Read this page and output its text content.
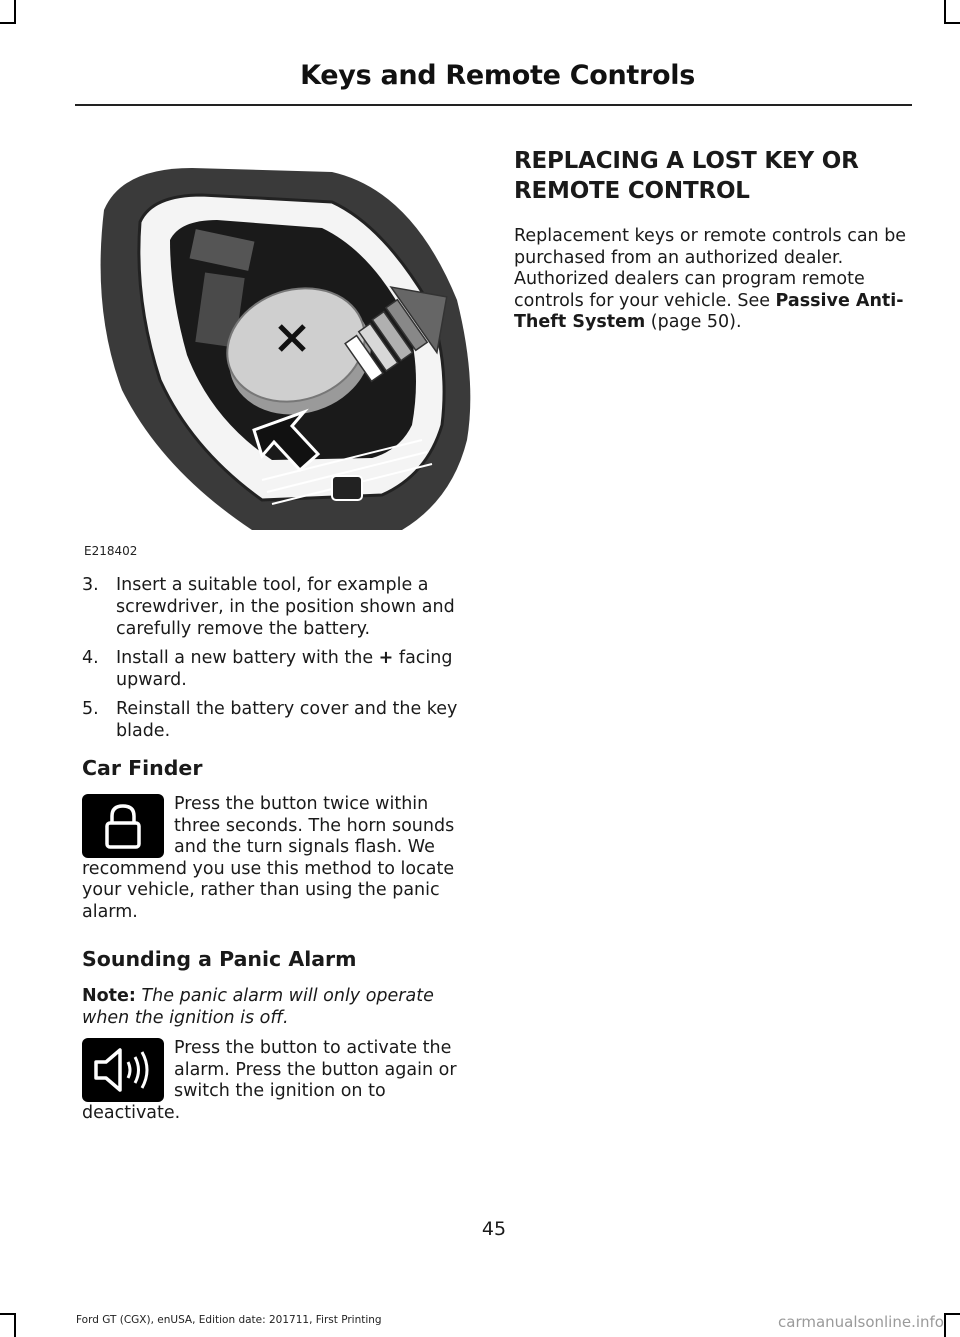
Keys and Remote Controls
E218402
3. Insert a suitable tool, for example a screwdriver, in the position shown and carefully remove the battery.
4. Install a new battery with the + facing upward.
5. Reinstall the battery cover and the key blade.
Car Finder

Press the button twice within three seconds. The horn sounds and the turn signals flash. We recommend you use this method to locate your vehicle, rather than using the panic alarm.

Sounding a Panic Alarm

Note: The panic alarm will only operate when the ignition is off.

Press the button to activate the alarm. Press the button again or switch the ignition on to deactivate.

REPLACING A LOST KEY OR REMOTE CONTROL

Replacement keys or remote controls can be purchased from an authorized dealer. Authorized dealers can program remote controls for your vehicle. See Passive Anti-Theft System (page 50).

45
Ford GT (CGX), enUSA, Edition date: 201711, First Printing	carmanualsonline.info
